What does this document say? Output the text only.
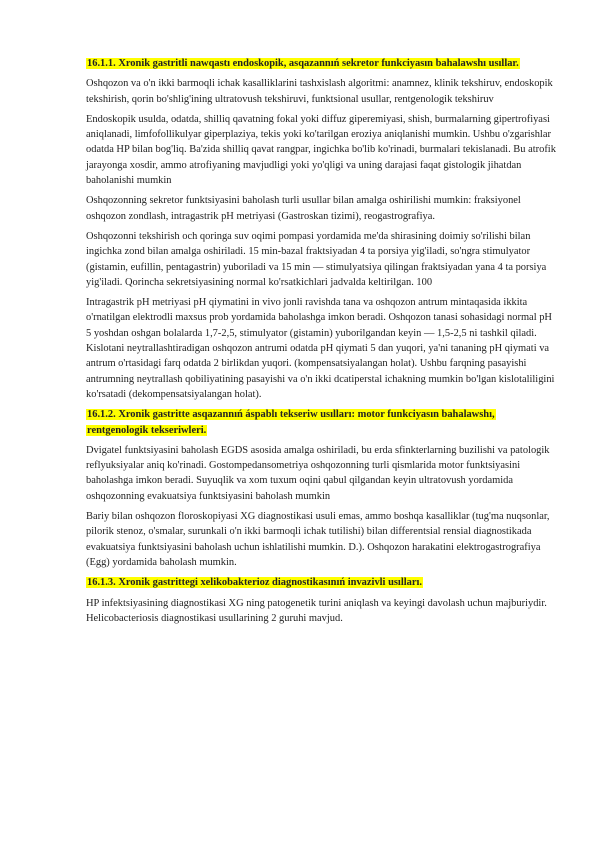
16.1.1. Xronik gastritli nawqastı endoskopik, asqazannıń sekretor funkciyasın bahalawshı usıllar.

Oshqozon va o'n ikki barmoqli ichak kasalliklarini tashxislash algoritmi: anamnez, klinik tekshiruv, endoskopik tekshirish, qorin bo'shlig'ining ultratovush tekshiruvi, funktsional usullar, rentgenologik tekshiruv

Endoskopik usulda, odatda, shilliq qavatning fokal yoki diffuz giperemiyasi, shish, burmalarning gipertrofiyasi aniqlanadi, limfofollikulyar giperplaziya, tekis yoki ko'tarilgan eroziya aniqlanishi mumkin. Ushbu o'zgarishlar odatda HP bilan bog'liq. Ba'zida shilliq qavat rangpar, ingichka bo'lib ko'rinadi, burmalari tekislanadi. Bu atrofik jarayonga xosdir, ammo atrofiyaning mavjudligi yoki yo'qligi va uning darajasi faqat gistologik jihatdan baholanishi mumkin

Oshqozonning sekretor funktsiyasini baholash turli usullar bilan amalga oshirilishi mumkin: fraksiyonel oshqozon zondlash, intragastrik pH metriyasi (Gastroskan tizimi), reogastrografiya.

Oshqozonni tekshirish och qoringa suv oqimi pompasi yordamida me'da shirasining doimiy so'rilishi bilan ingichka zond bilan amalga oshiriladi. 15 min-bazal fraktsiyadan 4 ta porsiya yig'iladi, so'ngra stimulyator (gistamin, eufillin, pentagastrin) yuboriladi va 15 min — stimulyatsiya qilingan fraktsiyadan yana 4 ta porsiya yig'iladi. Qorincha sekretsiyasining normal ko'rsatkichlari jadvalda keltirilgan. 100

Intragastrik pH metriyasi pH qiymatini in vivo jonli ravishda tana va oshqozon antrum mintaqasida ikkita o'rnatilgan elektrodli maxsus prob yordamida baholashga imkon beradi. Oshqozon tanasi sohasidagi normal pH 5 yoshdan oshgan bolalarda 1,7-2,5, stimulyator (gistamin) yuborilgandan keyin — 1,5-2,5 ni tashkil qiladi. Kislotani neytrallashtiradigan oshqozon antrumi odatda pH qiymati 5 dan yuqori, ya'ni tananing pH qiymati va antrum o'rtasidagi farq odatda 2 birlikdan yuqori. (kompensatsiyalangan holat). Ushbu farqning pasayishi antrumning neytrallash qobiliyatining pasayishi va o'n ikki dcatiperstal ichakning mumkin bo'lgan kislotaliligini ko'rsatadi (dekompensatsiyalangan holat).

16.1.2. Xronik gastritte asqazannıń áspablı tekseriw usılları: motor funkciyasın bahalawshı, rentgenologik tekseriwleri.

Dvigatel funktsiyasini baholash EGDS asosida amalga oshiriladi, bu erda sfinkterlarning buzilishi va patologik reflyuksiyalar aniq ko'rinadi. Gostompedansometriya oshqozonning turli qismlarida motor funktsiyasini baholashga imkon beradi. Suyuqlik va xom tuxum oqini qabul qilgandan keyin ultratovush yordamida oshqozonning evakuatsiya funktsiyasini baholash mumkin

Bariy bilan oshqozon floroskopiyasi XG diagnostikasi usuli emas, ammo boshqa kasalliklar (tug'ma nuqsonlar, pilorik stenoz, o'smalar, surunkali o'n ikki barmoqli ichak tutilishi) bilan differentsial rensial diagnostikada evakuatsiya funktsiyasini baholash uchun ishlatilishi mumkin. D.). Oshqozon harakatini elektrogastrografiya (Egg) yordamida baholash mumkin.

16.1.3. Xronik gastrittegi xelikobakterioz diagnostikasınıń invazivli usılları.

HP infektsiyasining diagnostikasi XG ning patogenetik turini aniqlash va keyingi davolash uchun majburiydir. Helicobacteriosis diagnostikasi usullarining 2 guruhi mavjud.
